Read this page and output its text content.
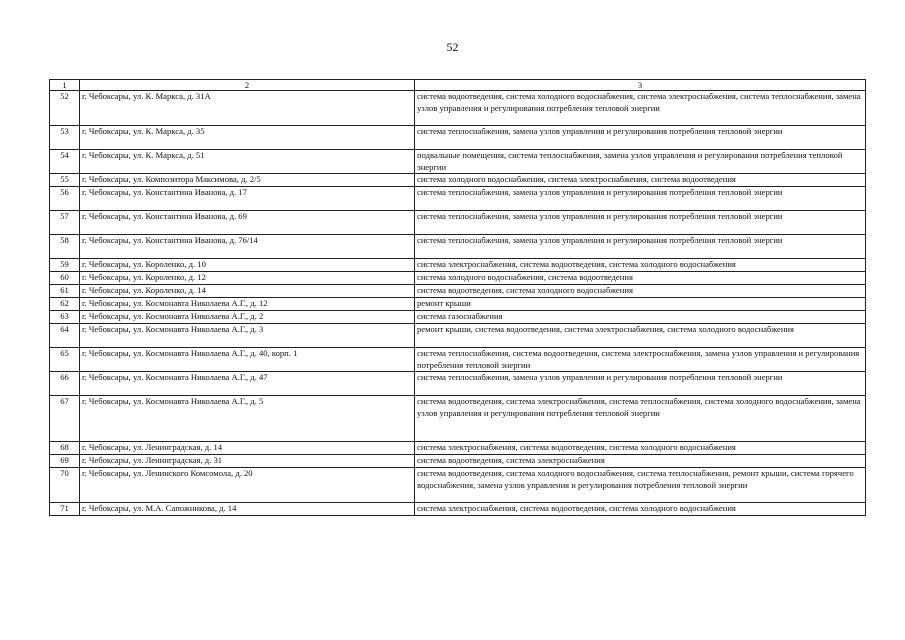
52
1	2	3
52	г. Чебоксары, ул. К. Маркса, д. 31А	система водоотведения, система холодного водоснабжения, система электроснабжения, система теплоснабжения, замена узлов управления и регулирования потребления тепловой энергии
53	г. Чебоксары, ул. К. Маркса, д. 35	система теплоснабжения, замена узлов управления и регулирования потребления тепловой энергии
54	г. Чебоксары, ул. К. Маркса, д. 51	подвальные помещения, система теплоснабжения, замена узлов управления и регулирования потребления тепловой энергии
55	г. Чебоксары, ул. Композитора Максимова, д. 2/5	система холодного водоснабжения, система электроснабжения, система водоотведения
56	г. Чебоксары, ул. Константина Иванова, д. 17	система теплоснабжения, замена узлов управления и регулирования потребления тепловой энергии
57	г. Чебоксары, ул. Константина Иванова, д. 69	система теплоснабжения, замена узлов управления и регулирования потребления тепловой энергии
58	г. Чебоксары, ул. Константина Иванова, д. 76/14	система теплоснабжения, замена узлов управления и регулирования потребления тепловой энергии
59	г. Чебоксары, ул. Короленко, д. 10	система электроснабжения, система водоотведения, система холодного водоснабжения
60	г. Чебоксары, ул. Короленко, д. 12	система холодного водоснабжения, система водоотведения
61	г. Чебоксары, ул. Короленко, д. 14	система водоотведения, система холодного водоснабжения
62	г. Чебоксары, ул. Космонавта Николаева А.Г., д. 12	ремонт крыши
63	г. Чебоксары, ул. Космонавта Николаева А.Г., д. 2	система газоснабжения
64	г. Чебоксары, ул. Космонавта Николаева А.Г., д. 3	ремонт крыши, система водоотведения, система электроснабжения, система холодного водоснабжения
65	г. Чебоксары, ул. Космонавта Николаева А.Г., д. 40, корп. 1	система теплоснабжения, система водоотведения, система электроснабжения, замена узлов управления и регулирования потребления тепловой энергии
66	г. Чебоксары, ул. Космонавта Николаева А.Г., д. 47	система теплоснабжения, замена узлов управления и регулирования потребления тепловой энергии
67	г. Чебоксары, ул. Космонавта Николаева А.Г., д. 5	система водоотведения, система электроснабжения, система теплоснабжения, система холодного водоснабжения, замена узлов управления и регулирования потребления тепловой энергии
68	г. Чебоксары, ул. Ленинградская, д. 14	система электроснабжения, система водоотведения, система холодного водоснабжения
69	г. Чебоксары, ул. Ленинградская, д. 31	система водоотведения, система электроснабжения
70	г. Чебоксары, ул. Ленинского Комсомола, д. 20	система водоотведения, система холодного водоснабжения, система теплоснабжения, ремонт крыши, система горячего водоснабжения, замена узлов управления и регулирования потребления тепловой энергии
71	г. Чебоксары, ул. М.А. Сапожникова, д. 14	система электроснабжения, система водоотведения, система холодного водоснабжения
